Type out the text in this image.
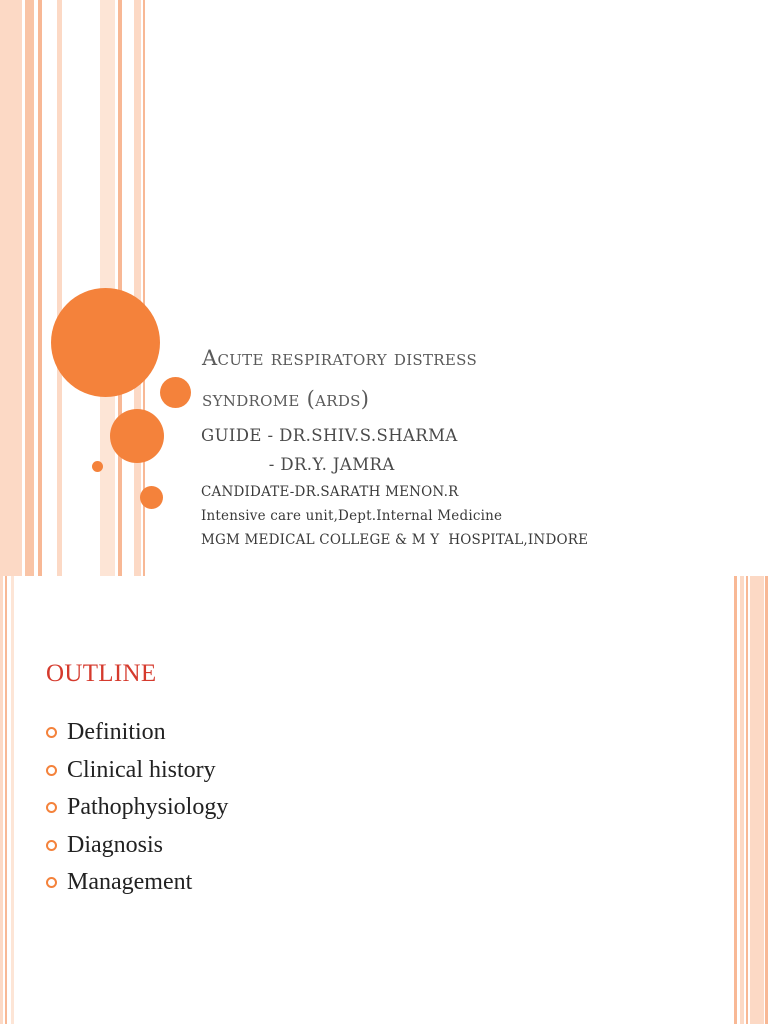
Acute respiratory distress
syndrome (ards)
GUIDE - DR.SHIV.S.SHARMA
- DR.Y. JAMRA
CANDIDATE-DR.SARATH MENON.R
Intensive care unit,Dept.Internal Medicine
MGM MEDICAL COLLEGE & M Y  HOSPITAL,INDORE
OUTLINE
Definition
Clinical history
Pathophysiology
Diagnosis
Management
